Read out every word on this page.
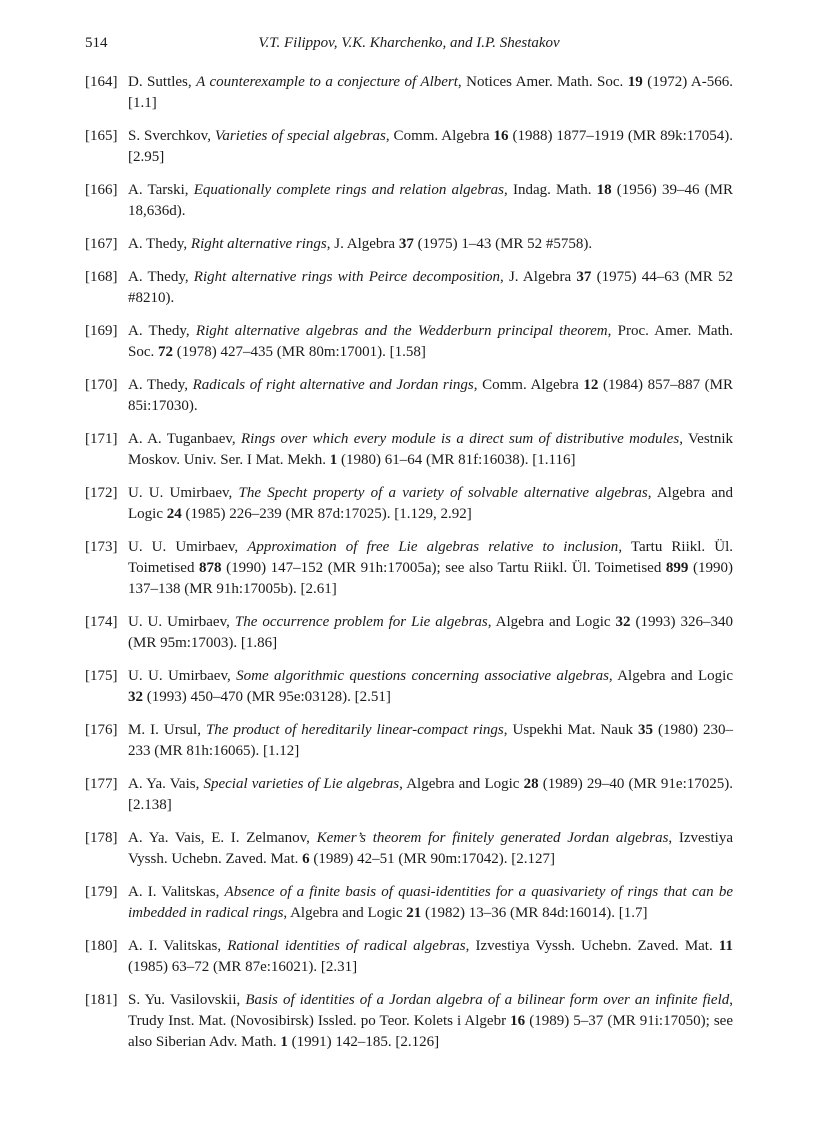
514	V.T. Filippov, V.K. Kharchenko, and I.P. Shestakov
[164] D. Suttles, A counterexample to a conjecture of Albert, Notices Amer. Math. Soc. 19 (1972) A-566. [1.1]
[165] S. Sverchkov, Varieties of special algebras, Comm. Algebra 16 (1988) 1877–1919 (MR 89k:17054). [2.95]
[166] A. Tarski, Equationally complete rings and relation algebras, Indag. Math. 18 (1956) 39–46 (MR 18,636d).
[167] A. Thedy, Right alternative rings, J. Algebra 37 (1975) 1–43 (MR 52 #5758).
[168] A. Thedy, Right alternative rings with Peirce decomposition, J. Algebra 37 (1975) 44–63 (MR 52 #8210).
[169] A. Thedy, Right alternative algebras and the Wedderburn principal theorem, Proc. Amer. Math. Soc. 72 (1978) 427–435 (MR 80m:17001). [1.58]
[170] A. Thedy, Radicals of right alternative and Jordan rings, Comm. Algebra 12 (1984) 857–887 (MR 85i:17030).
[171] A. A. Tuganbaev, Rings over which every module is a direct sum of distributive modules, Vestnik Moskov. Univ. Ser. I Mat. Mekh. 1 (1980) 61–64 (MR 81f:16038). [1.116]
[172] U. U. Umirbaev, The Specht property of a variety of solvable alternative algebras, Algebra and Logic 24 (1985) 226–239 (MR 87d:17025). [1.129, 2.92]
[173] U. U. Umirbaev, Approximation of free Lie algebras relative to inclusion, Tartu Riikl. Ül. Toimetised 878 (1990) 147–152 (MR 91h:17005a); see also Tartu Riikl. Ül. Toimetised 899 (1990) 137–138 (MR 91h:17005b). [2.61]
[174] U. U. Umirbaev, The occurrence problem for Lie algebras, Algebra and Logic 32 (1993) 326–340 (MR 95m:17003). [1.86]
[175] U. U. Umirbaev, Some algorithmic questions concerning associative algebras, Algebra and Logic 32 (1993) 450–470 (MR 95e:03128). [2.51]
[176] M. I. Ursul, The product of hereditarily linear-compact rings, Uspekhi Mat. Nauk 35 (1980) 230–233 (MR 81h:16065). [1.12]
[177] A. Ya. Vais, Special varieties of Lie algebras, Algebra and Logic 28 (1989) 29–40 (MR 91e:17025). [2.138]
[178] A. Ya. Vais, E. I. Zelmanov, Kemer’s theorem for finitely generated Jordan algebras, Izvestiya Vyssh. Uchebn. Zaved. Mat. 6 (1989) 42–51 (MR 90m:17042). [2.127]
[179] A. I. Valitskas, Absence of a finite basis of quasi-identities for a quasivariety of rings that can be imbedded in radical rings, Algebra and Logic 21 (1982) 13–36 (MR 84d:16014). [1.7]
[180] A. I. Valitskas, Rational identities of radical algebras, Izvestiya Vyssh. Uchebn. Zaved. Mat. 11 (1985) 63–72 (MR 87e:16021). [2.31]
[181] S. Yu. Vasilovskii, Basis of identities of a Jordan algebra of a bilinear form over an infinite field, Trudy Inst. Mat. (Novosibirsk) Issled. po Teor. Kolets i Algebr 16 (1989) 5–37 (MR 91i:17050); see also Siberian Adv. Math. 1 (1991) 142–185. [2.126]
